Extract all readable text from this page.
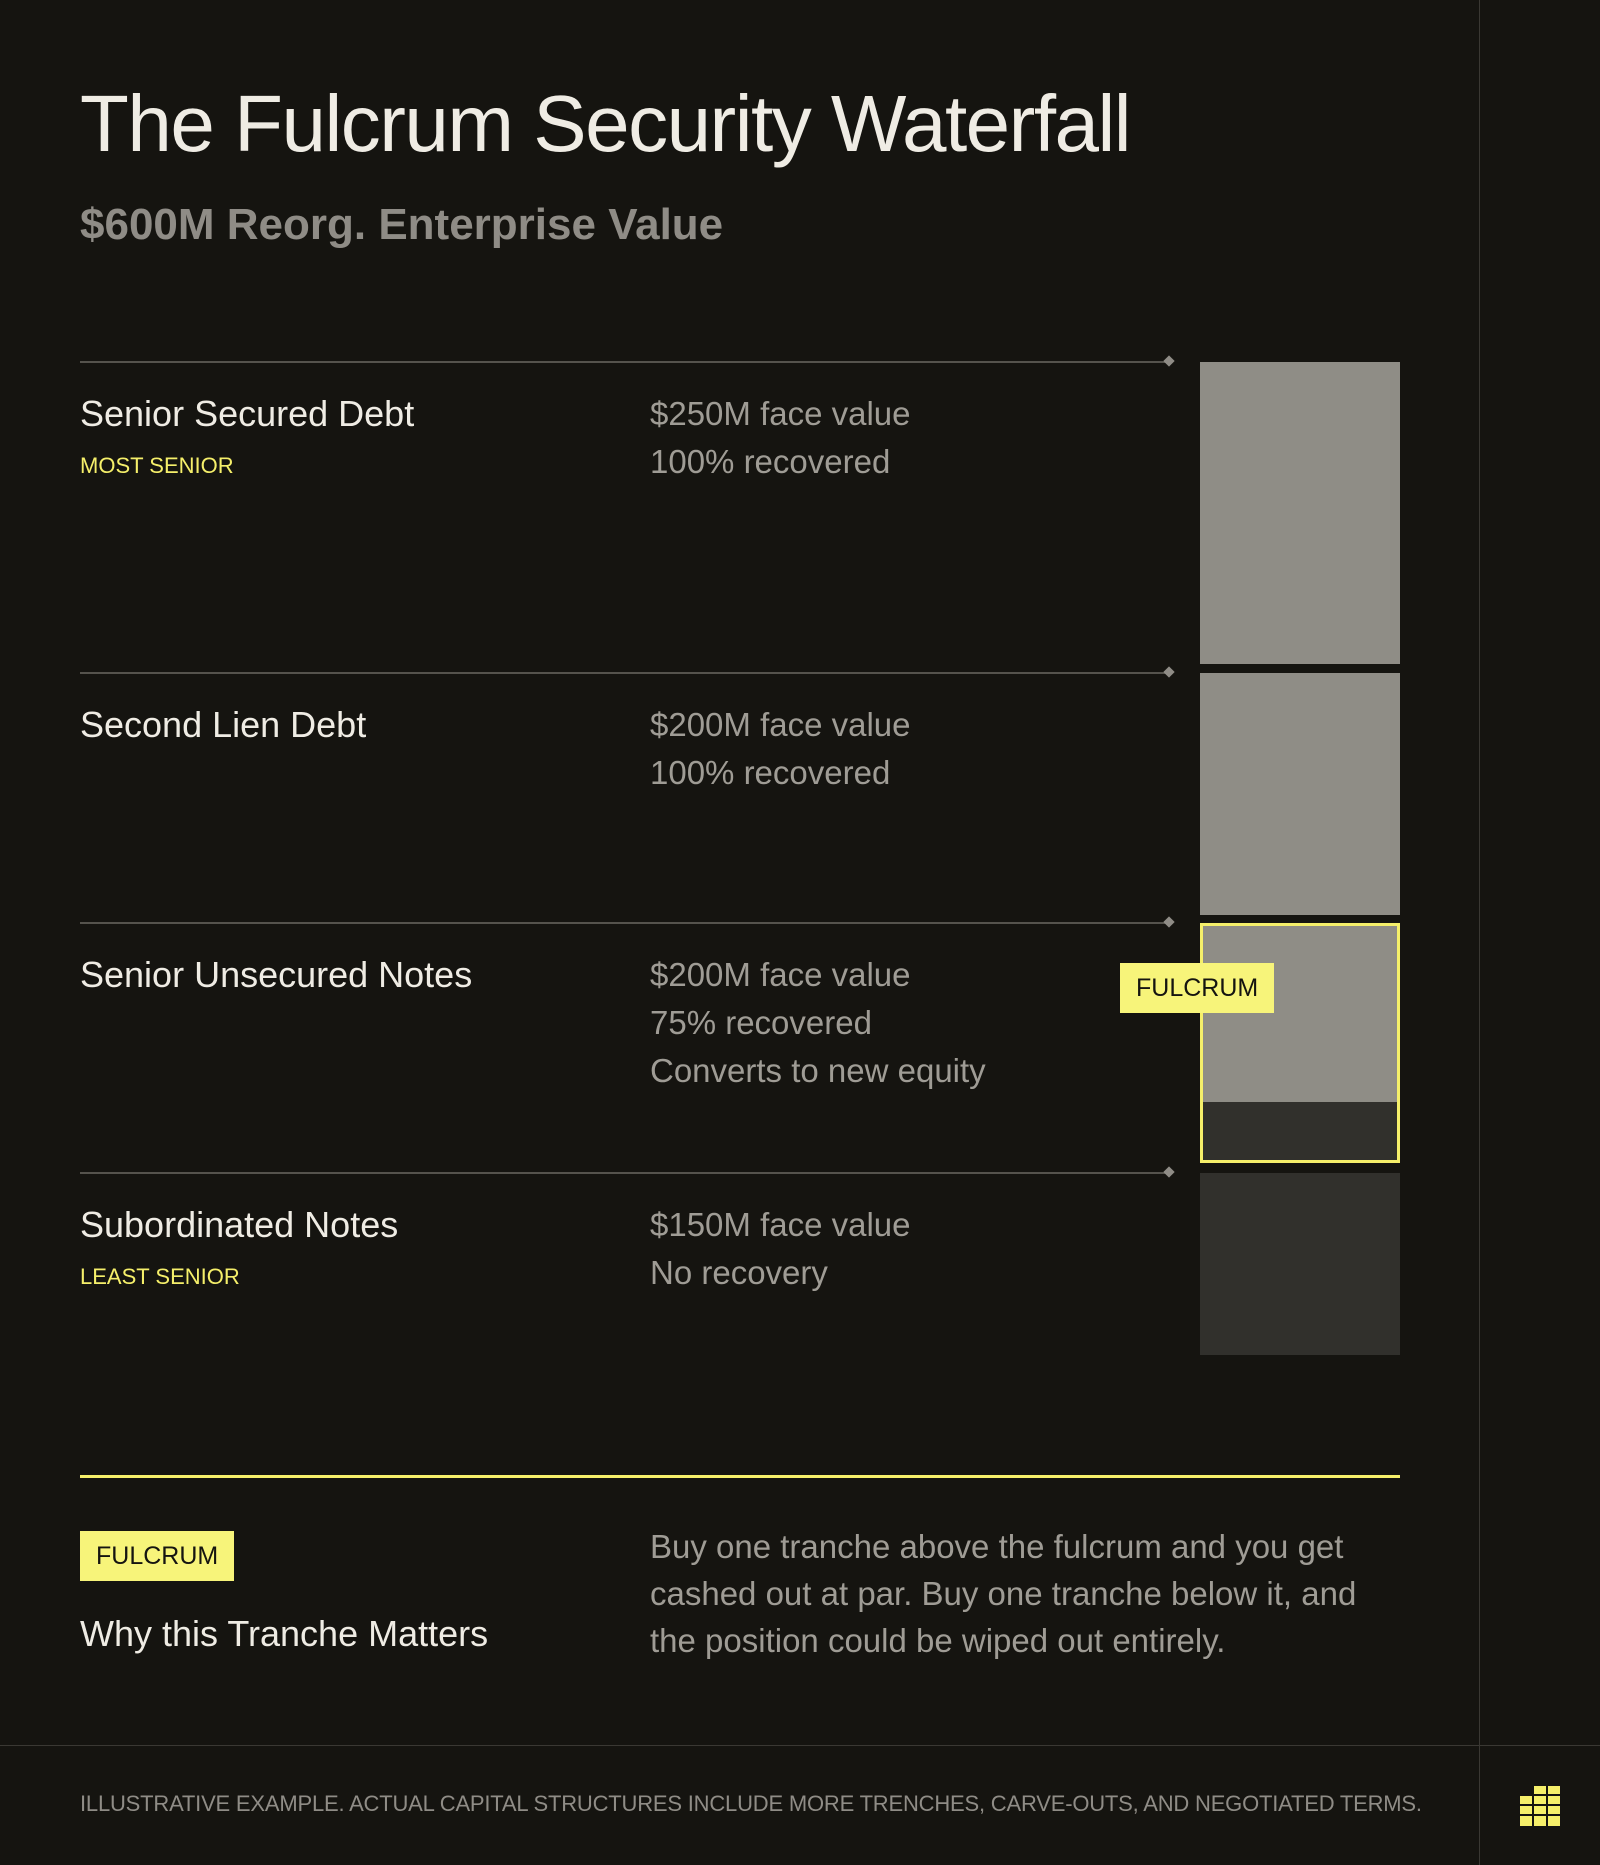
The Fulcrum Security Waterfall
$600M Reorg. Enterprise Value
Senior Secured Debt
MOST SENIOR
$250M face value
100% recovered
Second Lien Debt	$200M face value
100% recovered
Senior Unsecured Notes	$200M face value
75% recovered
Converts to new equity
FULCRUM
Subordinated Notes
LEAST SENIOR
$150M face value
No recovery
FULCRUM
Why this Tranche Matters
Buy one tranche above the fulcrum and you get cashed out at par. Buy one tranche below it, and the position could be wiped out entirely.
ILLUSTRATIVE EXAMPLE. ACTUAL CAPITAL STRUCTURES INCLUDE MORE TRENCHES, CARVE-OUTS, AND NEGOTIATED TERMS.
